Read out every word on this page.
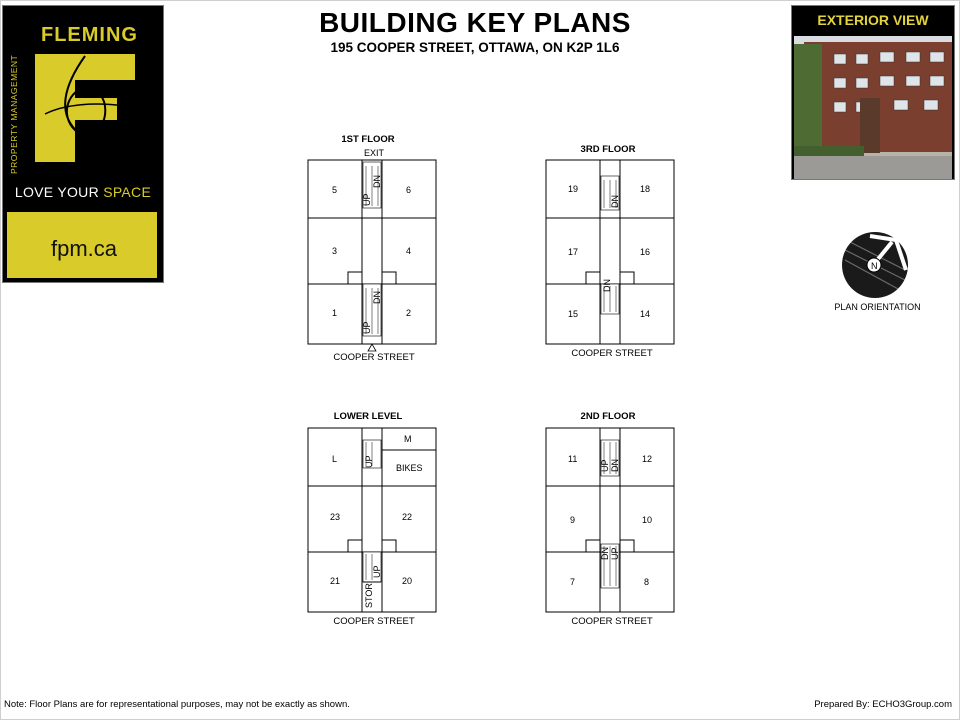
FLEMING
PROPERTY MANAGEMENT
LOVE YOUR SPACE
fpm.ca
BUILDING KEY PLANS
195 COOPER STREET, OTTAWA, ON K2P 1L6
EXTERIOR VIEW
N
PLAN ORIENTATION
1ST FLOOR
EXIT
UP
DN
UP
DN
5	6
3	4
1	2
COOPER STREET
3RD FLOOR
DN
DN
19	18
17	16
15	14
COOPER STREET
LOWER LEVEL
UP
UP
STOR
L
M
BIKES
23	22
21	20
COOPER STREET
2ND FLOOR
UP DN
DN UP
11	12
9	10
7	8
COOPER STREET
Note: Floor Plans are for representational purposes, may not be exactly as shown.	Prepared By: ECHO3Group.com
